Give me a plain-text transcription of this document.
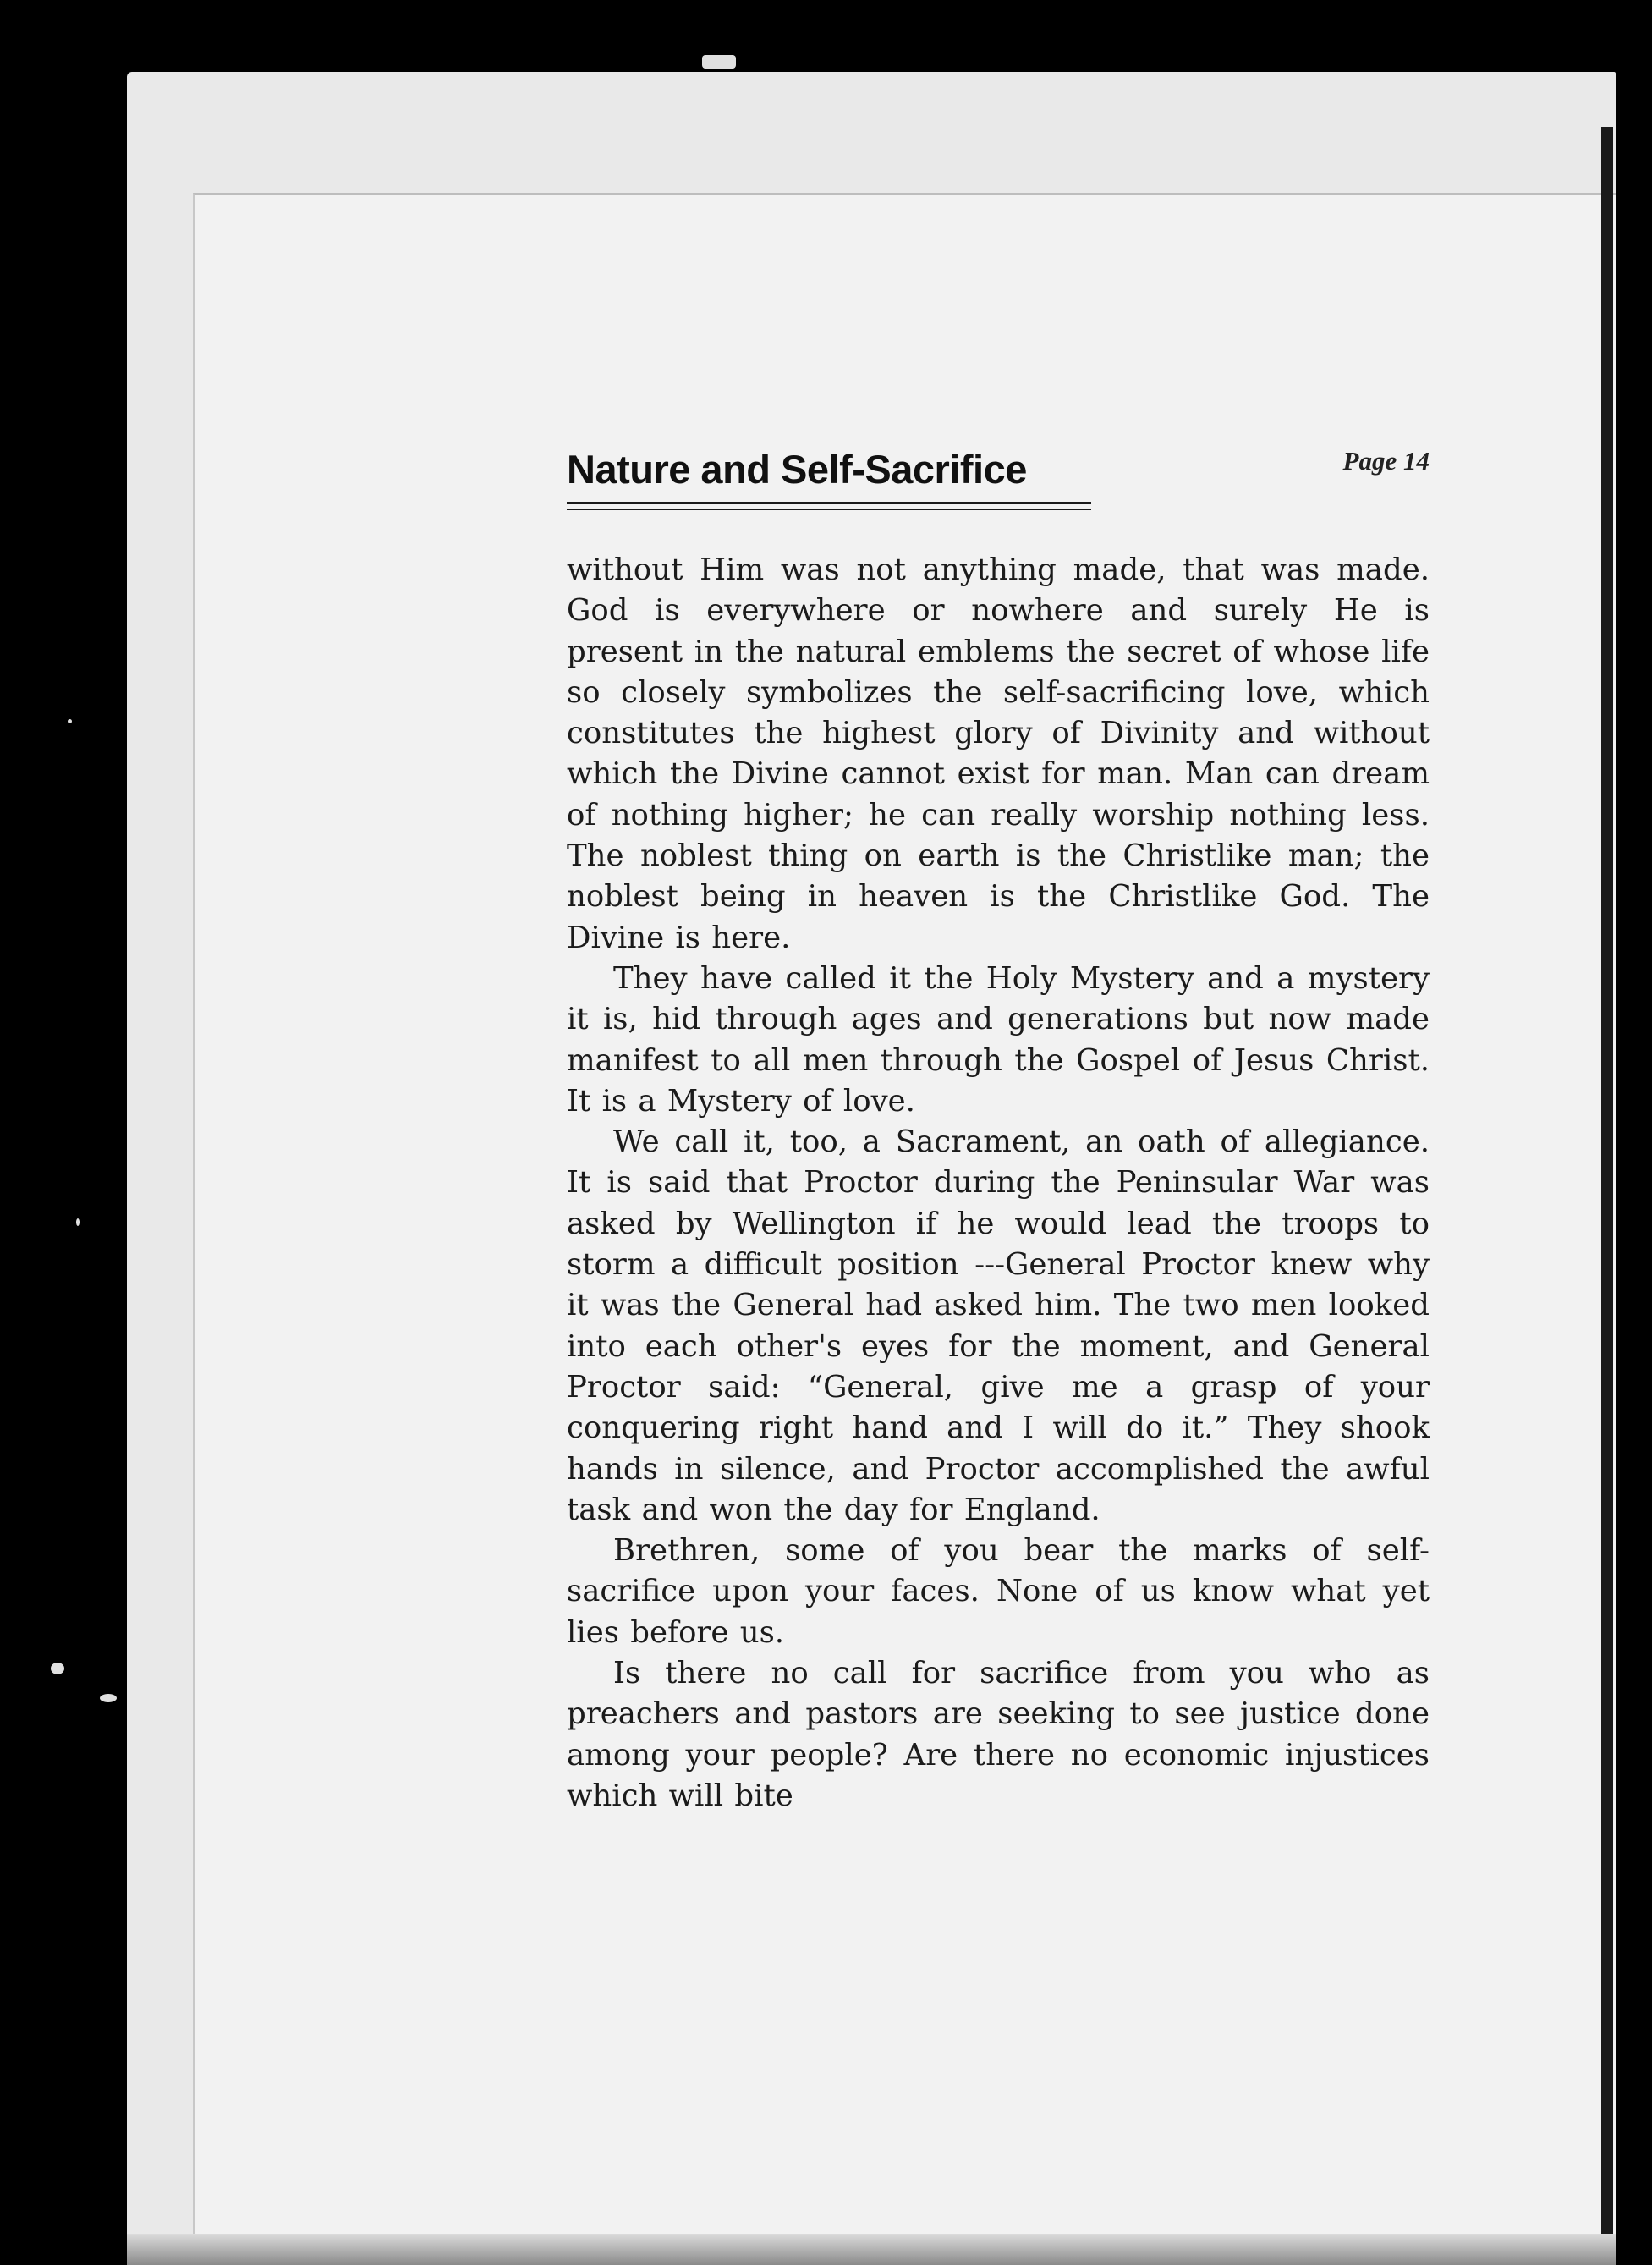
Nature and Self-Sacrifice	Page 14

without Him was not anything made, that was made. God is everywhere or nowhere and surely He is present in the natural emblems the secret of whose life so closely symbolizes the self-sacrificing love, which constitutes the highest glory of Divinity and without which the Divine cannot exist for man. Man can dream of nothing higher; he can really worship nothing less. The noblest thing on earth is the Christlike man; the noblest being in heaven is the Christlike God. The Divine is here.

They have called it the Holy Mystery and a mystery it is, hid through ages and generations but now made manifest to all men through the Gospel of Jesus Christ. It is a Mystery of love.

We call it, too, a Sacrament, an oath of allegiance. It is said that Proctor during the Peninsular War was asked by Wellington if he would lead the troops to storm a difficult position ---General Proctor knew why it was the General had asked him. The two men looked into each other's eyes for the moment, and General Proctor said: “General, give me a grasp of your conquering right hand and I will do it.” They shook hands in silence, and Proctor accomplished the awful task and won the day for England.

Brethren, some of you bear the marks of self-sacrifice upon your faces. None of us know what yet lies before us.

Is there no call for sacrifice from you who as preachers and pastors are seeking to see justice done among your people? Are there no economic injustices which will bite
